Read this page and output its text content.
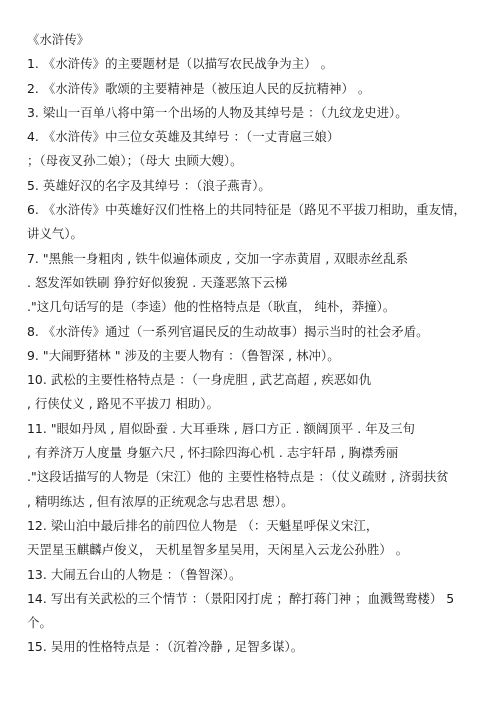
《水浒传》
1. 《水浒传》的主要题材是（以描写农民战争为主） 。
2. 《水浒传》歌颂的主要精神是（被压迫人民的反抗精神） 。
3. 梁山一百单八将中第一个出场的人物及其绰号是 ：（九纹龙史进）。
4. 《水浒传》中三位女英雄及其绰号 ：（一丈青扈三娘）
；（母夜叉孙二娘）；（母大 虫顾大嫂）。
5. 英雄好汉的名字及其绰号 ：（浪子燕青）。
6. 《水浒传》中英雄好汉们性格上的共同特征是（路见不平拔刀相助，重友情，
讲义气）。
7. "黑熊一身粗肉 , 铁牛似遍体顽皮 , 交加一字赤黄眉 , 双眼赤丝乱系
. 怒发浑如铁刷 狰狞好似狻猊 . 天蓬恶煞下云梯
."这几句话写的是（李逵）他的性格特点是（耿直， 纯朴，莽撞）。
8. 《水浒传》通过（一系列官逼民反的生动故事）揭示当时的社会矛盾。
9. "大闹野猪林 " 涉及的主要人物有 ：（鲁智深 , 林冲）。
10. 武松的主要性格特点是 ：（一身虎胆 , 武艺高超 , 疾恶如仇
, 行侠仗义 , 路见不平拔刀 相助）。
11. "眼如丹凤 , 眉似卧蚕 . 大耳垂珠 , 唇口方正 . 额阔顶平 . 年及三旬
, 有养济万人度量 身躯六尺 , 怀扫除四海心机 . 志宇轩昂 , 胸襟秀丽
."这段话描写的人物是（宋江）他的 主要性格特点是 ：（仗义疏财 , 济弱扶贫
, 精明练达 , 但有浓厚的正统观念与忠君思 想）。
12. 梁山泊中最后排名的前四位人物是 （：天魁星呼保义宋江，
天罡星玉麒麟卢俊义， 天机星智多星吴用，天闲星入云龙公孙胜） 。
13. 大闹五台山的人物是 ：（鲁智深）。
14. 写出有关武松的三个情节 ：（景阳冈打虎 ；醉打蒋门神 ；血溅鸳鸯楼） 5
个。
15. 吴用的性格特点是 ：（沉着冷静 , 足智多谋）。
